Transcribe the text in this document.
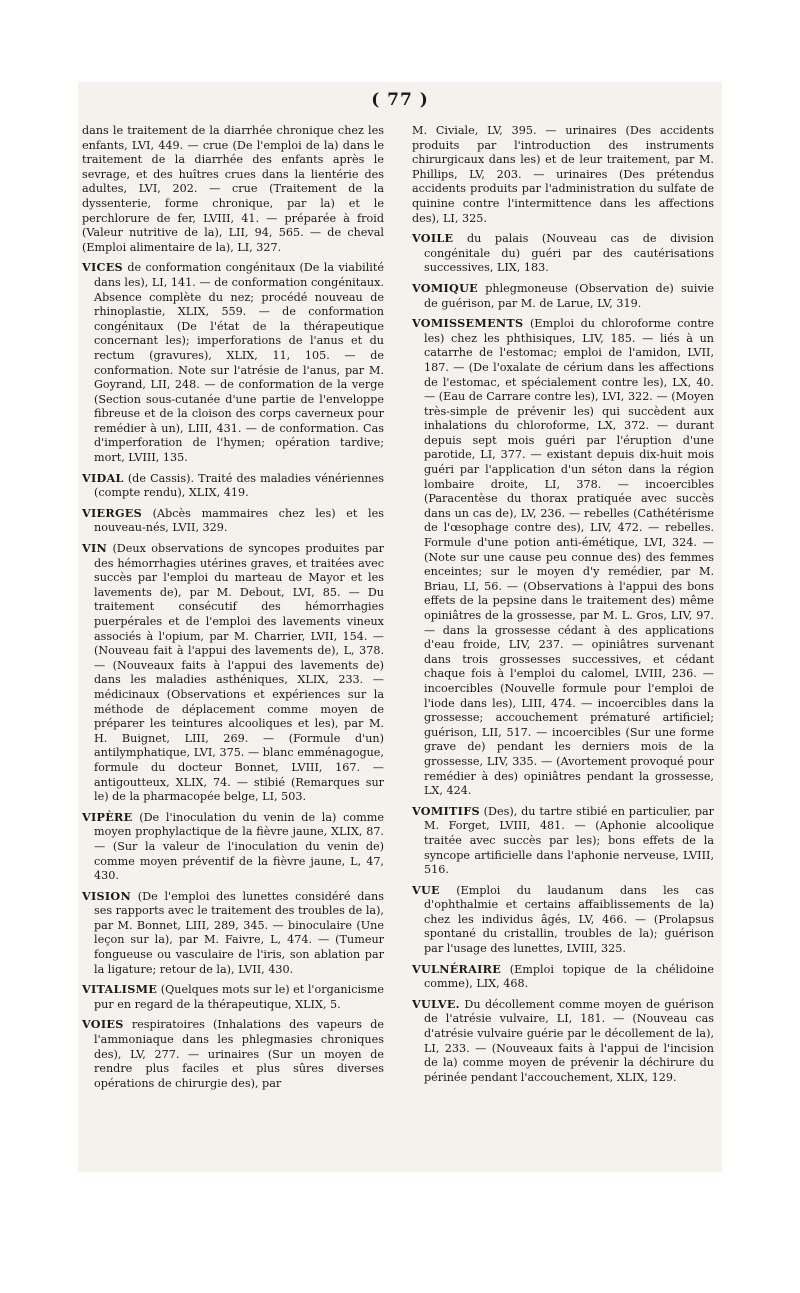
( 77 )

dans le traitement de la diarrhée chronique chez les enfants, LVI, 449. — crue (De l'emploi de la) dans le traitement de la diarrhée des enfants après le sevrage, et des huîtres crues dans la lientérie des adultes, LVI, 202. — crue (Traitement de la dyssenterie, forme chronique, par la) et le perchlorure de fer, LVIII, 41. — préparée à froid (Valeur nutritive de la), LII, 94, 565. — de cheval (Emploi alimentaire de la), LI, 327.

VICES de conformation congénitaux (De la viabilité dans les), LI, 141. — de conformation congénitaux. Absence complète du nez; procédé nouveau de rhinoplastie, XLIX, 559. — de conformation congénitaux (De l'état de la thérapeutique concernant les); imperforations de l'anus et du rectum (gravures), XLIX, 11, 105. — de conformation. Note sur l'atrésie de l'anus, par M. Goyrand, LII, 248. — de conformation de la verge (Section sous-cutanée d'une partie de l'enveloppe fibreuse et de la cloison des corps caverneux pour remédier à un), LIII, 431. — de conformation. Cas d'imperforation de l'hymen; opération tardive; mort, LVIII, 135.

VIDAL (de Cassis). Traité des maladies vénériennes (compte rendu), XLIX, 419.

VIERGES (Abcès mammaires chez les) et les nouveau-nés, LVII, 329.

VIN (Deux observations de syncopes produites par des hémorrhagies utérines graves, et traitées avec succès par l'emploi du marteau de Mayor et les lavements de), par M. Debout, LVI, 85. — Du traitement consécutif des hémorrhagies puerpérales et de l'emploi des lavements vineux associés à l'opium, par M. Charrier, LVII, 154. — (Nouveau fait à l'appui des lavements de), L, 378. — (Nouveaux faits à l'appui des lavements de) dans les maladies asthéniques, XLIX, 233. — médicinaux (Observations et expériences sur la méthode de déplacement comme moyen de préparer les teintures alcooliques et les), par M. H. Buignet, LIII, 269. — (Formule d'un) antilymphatique, LVI, 375. — blanc emménagogue, formule du docteur Bonnet, LVIII, 167. — antigoutteux, XLIX, 74. — stibié (Remarques sur le) de la pharmacopée belge, LI, 503.

VIPÈRE (De l'inoculation du venin de la) comme moyen prophylactique de la fièvre jaune, XLIX, 87. — (Sur la valeur de l'inoculation du venin de) comme moyen préventif de la fièvre jaune, L, 47, 430.

VISION (De l'emploi des lunettes considéré dans ses rapports avec le traitement des troubles de la), par M. Bonnet, LIII, 289, 345. — binoculaire (Une leçon sur la), par M. Faivre, L, 474. — (Tumeur fongueuse ou vasculaire de l'iris, son ablation par la ligature; retour de la), LVII, 430.

VITALISME (Quelques mots sur le) et l'organicisme pur en regard de la thérapeutique, XLIX, 5.

VOIES respiratoires (Inhalations des vapeurs de l'ammoniaque dans les phlegmasies chroniques des), LV, 277. — urinaires (Sur un moyen de rendre plus faciles et plus sûres diverses opérations de chirurgie des), par

M. Civiale, LV, 395. — urinaires (Des accidents produits par l'introduction des instruments chirurgicaux dans les) et de leur traitement, par M. Phillips, LV, 203. — urinaires (Des prétendus accidents produits par l'administration du sulfate de quinine contre l'intermittence dans les affections des), LI, 325.

VOILE du palais (Nouveau cas de division congénitale du) guéri par des cautérisations successives, LIX, 183.

VOMIQUE phlegmoneuse (Observation de) suivie de guérison, par M. de Larue, LV, 319.

VOMISSEMENTS (Emploi du chloroforme contre les) chez les phthisiques, LIV, 185. — liés à un catarrhe de l'estomac; emploi de l'amidon, LVII, 187. — (De l'oxalate de cérium dans les affections de l'estomac, et spécialement contre les), LX, 40. — (Eau de Carrare contre les), LVI, 322. — (Moyen très-simple de prévenir les) qui succèdent aux inhalations du chloroforme, LX, 372. — durant depuis sept mois guéri par l'éruption d'une parotide, LI, 377. — existant depuis dix-huit mois guéri par l'application d'un séton dans la région lombaire droite, LI, 378. — incoercibles (Paracentèse du thorax pratiquée avec succès dans un cas de), LV, 236. — rebelles (Cathétérisme de l'œsophage contre des), LIV, 472. — rebelles. Formule d'une potion anti-émétique, LVI, 324. — (Note sur une cause peu connue des) des femmes enceintes; sur le moyen d'y remédier, par M. Briau, LI, 56. — (Observations à l'appui des bons effets de la pepsine dans le traitement des) même opiniâtres de la grossesse, par M. L. Gros, LIV, 97. — dans la grossesse cédant à des applications d'eau froide, LIV, 237. — opiniâtres survenant dans trois grossesses successives, et cédant chaque fois à l'emploi du calomel, LVIII, 236. — incoercibles (Nouvelle formule pour l'emploi de l'iode dans les), LIII, 474. — incoercibles dans la grossesse; accouchement prématuré artificiel; guérison, LII, 517. — incoercibles (Sur une forme grave de) pendant les derniers mois de la grossesse, LIV, 335. — (Avortement provoqué pour remédier à des) opiniâtres pendant la grossesse, LX, 424.

VOMITIFS (Des), du tartre stibié en particulier, par M. Forget, LVIII, 481. — (Aphonie alcoolique traitée avec succès par les); bons effets de la syncope artificielle dans l'aphonie nerveuse, LVIII, 516.

VUE (Emploi du laudanum dans les cas d'ophthalmie et certains affaiblissements de la) chez les individus âgés, LV, 466. — (Prolapsus spontané du cristallin, troubles de la); guérison par l'usage des lunettes, LVIII, 325.

VULNÉRAIRE (Emploi topique de la chélidoine comme), LIX, 468.

VULVE. Du décollement comme moyen de guérison de l'atrésie vulvaire, LI, 181. — (Nouveau cas d'atrésie vulvaire guérie par le décollement de la), LI, 233. — (Nouveaux faits à l'appui de l'incision de la) comme moyen de prévenir la déchirure du périnée pendant l'accouchement, XLIX, 129.
